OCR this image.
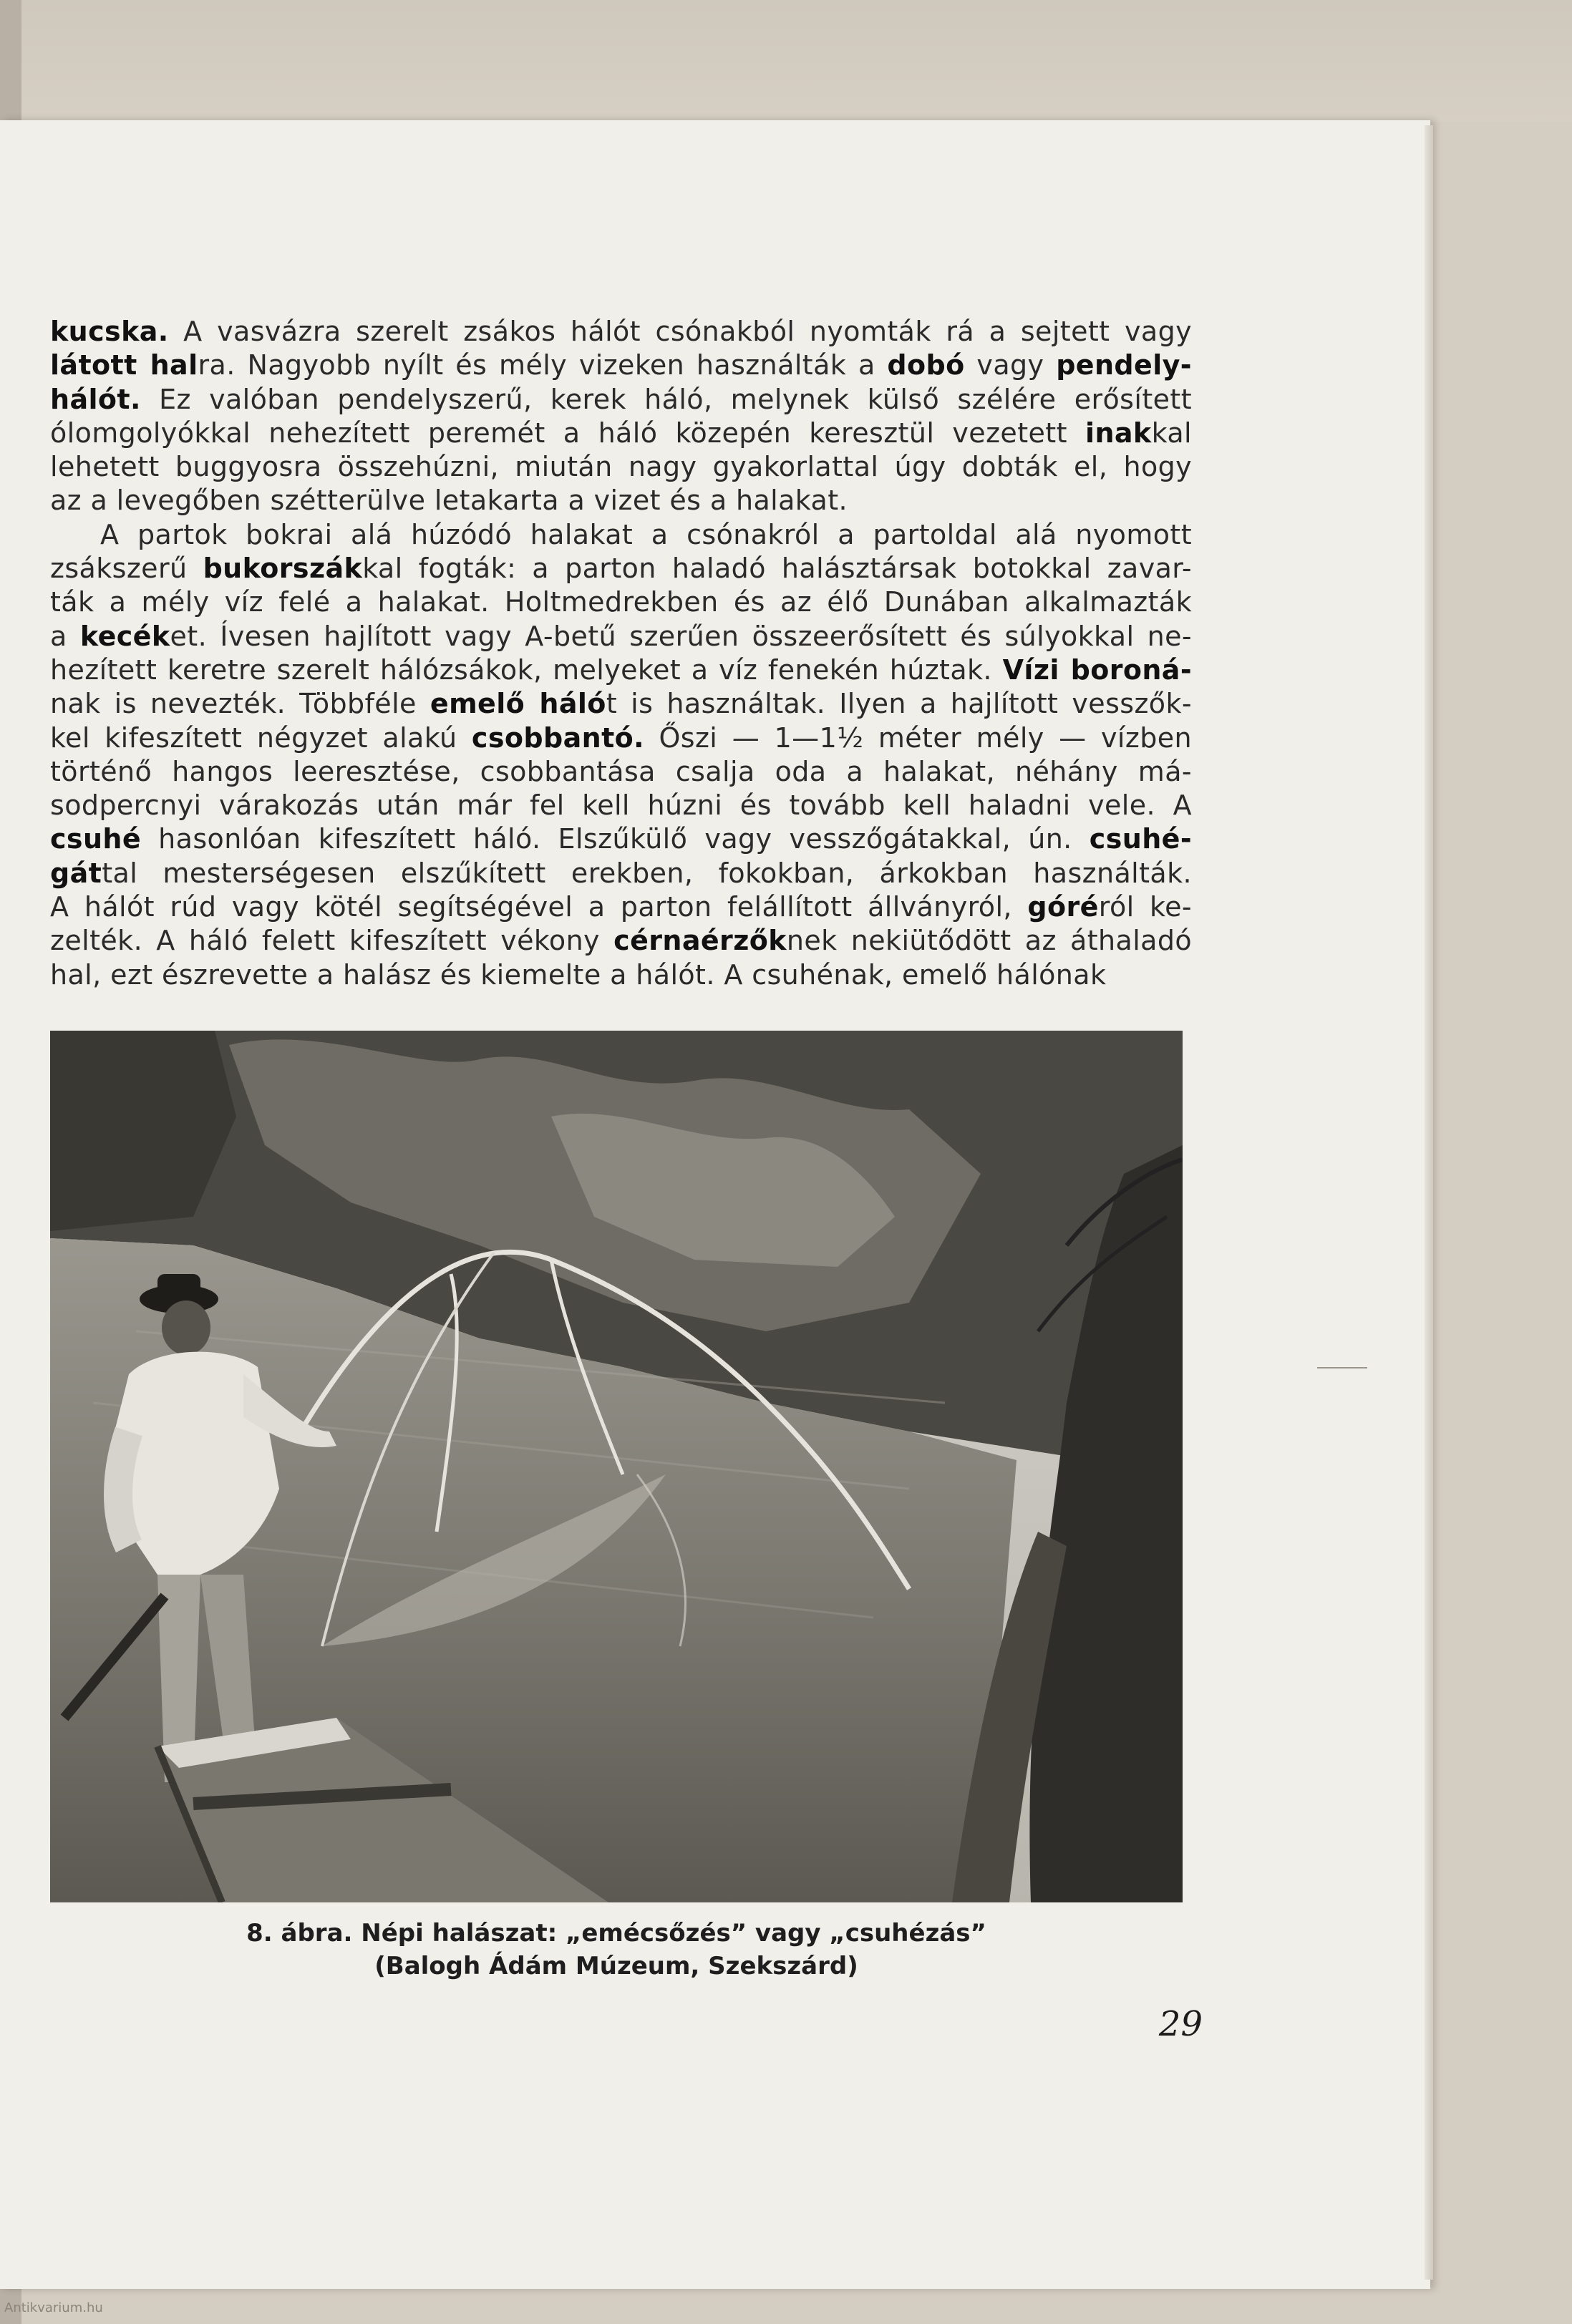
kucska. A vasvázra szerelt zsákos hálót csónakból nyomták rá a sejtett vagy
látott halra. Nagyobb nyílt és mély vizeken használták a dobó vagy pendely-
hálót. Ez valóban pendelyszerű, kerek háló, melynek külső szélére erősített
ólomgolyókkal nehezített peremét a háló közepén keresztül vezetett inakkal
lehetett buggyosra összehúzni, miután nagy gyakorlattal úgy dobták el, hogy
az a levegőben szétterülve letakarta a vizet és a halakat.
A partok bokrai alá húzódó halakat a csónakról a partoldal alá nyomott
zsákszerű bukorszákkal fogták: a parton haladó halásztársak botokkal zavar-
ták a mély víz felé a halakat. Holtmedrekben és az élő Dunában alkalmazták
a kecéket. Ívesen hajlított vagy A-betű szerűen összeerősített és súlyokkal ne-
hezített keretre szerelt hálózsákok, melyeket a víz fenekén húztak. Vízi boroná-
nak is nevezték. Többféle emelő hálót is használtak. Ilyen a hajlított vesszők-
kel kifeszített négyzet alakú csobbantó. Őszi — 1—1½ méter mély — vízben
történő hangos leeresztése, csobbantása csalja oda a halakat, néhány má-
sodpercnyi várakozás után már fel kell húzni és tovább kell haladni vele. A
csuhé hasonlóan kifeszített háló. Elszűkülő vagy vesszőgátakkal, ún. csuhé-
gáttal mesterségesen elszűkített erekben, fokokban, árkokban használták.
A hálót rúd vagy kötél segítségével a parton felállított állványról, góréról ke-
zelték. A háló felett kifeszített vékony cérnaérzőknek nekiütődött az áthaladó
hal, ezt észrevette a halász és kiemelte a hálót. A csuhénak, emelő hálónak
8. ábra. Népi halászat: „emécsőzés” vagy „csuhézás”
(Balogh Ádám Múzeum, Szekszárd)
29
Antikvarium.hu
